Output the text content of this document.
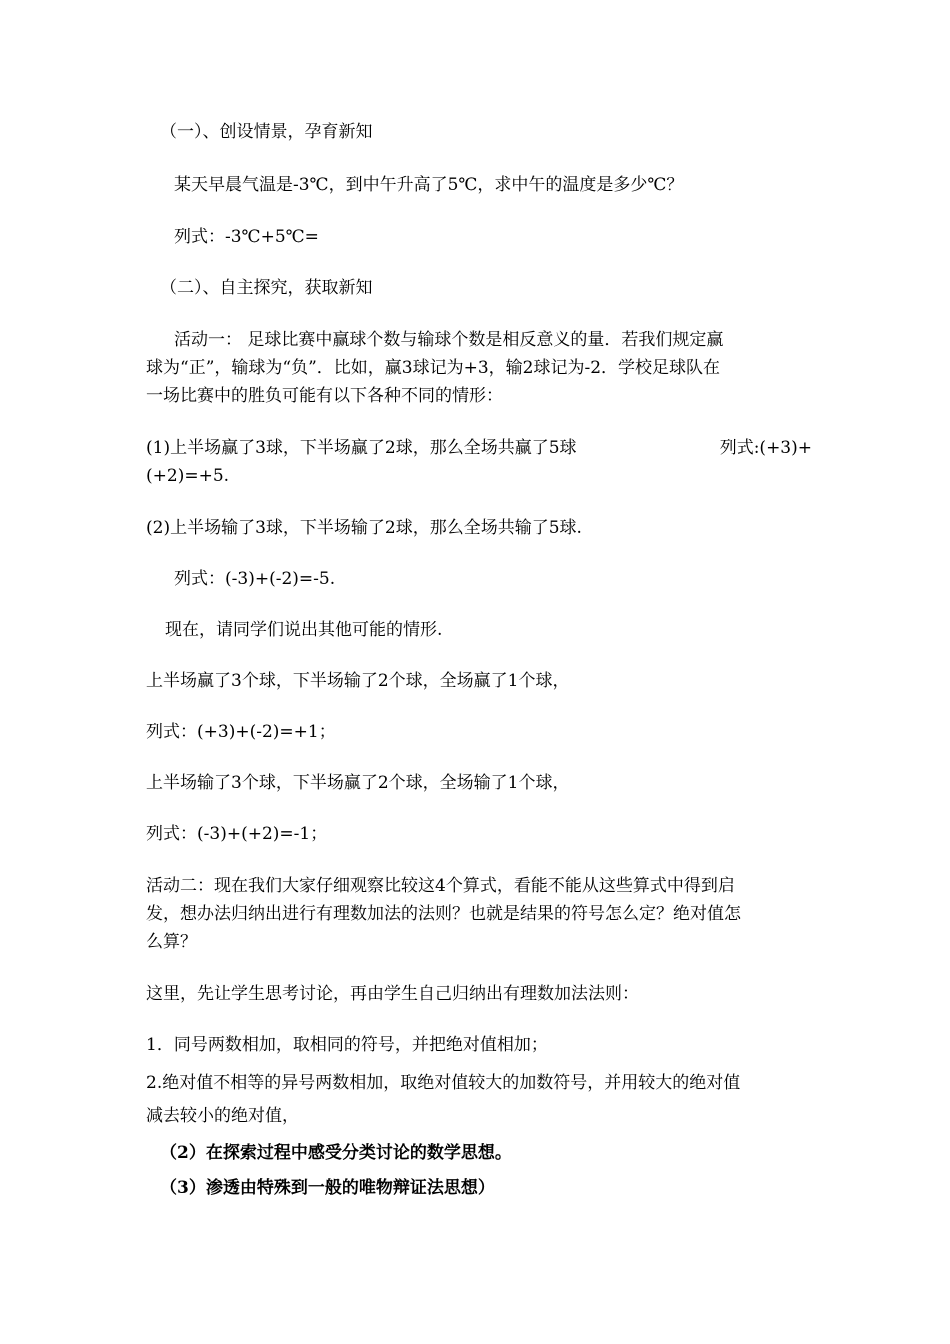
（一）、创设情景，孕育新知
某天早晨气温是-3℃，到中午升高了5℃，求中午的温度是多少℃？
列式：-3℃+5℃=
（二）、自主探究，获取新知
活动一： 足球比赛中赢球个数与输球个数是相反意义的量．若我们规定赢
球为“正”，输球为“负”．比如，赢3球记为+3，输2球记为-2．学校足球队在
一场比赛中的胜负可能有以下各种不同的情形：
(1)上半场赢了3球，下半场赢了2球，那么全场共赢了5球	列式:(+3)+
(+2)=+5.
(2)上半场输了3球，下半场输了2球，那么全场共输了5球.
列式：(-3)+(-2)=-5.
现在，请同学们说出其他可能的情形.
上半场赢了3个球，下半场输了2个球，全场赢了1个球，
列式：(+3)+(-2)=+1；
上半场输了3个球，下半场赢了2个球，全场输了1个球，
列式：(-3)+(+2)=-1；
活动二：现在我们大家仔细观察比较这4个算式，看能不能从这些算式中得到启
发，想办法归纳出进行有理数加法的法则？也就是结果的符号怎么定？绝对值怎
么算？
这里，先让学生思考讨论，再由学生自己归纳出有理数加法法则：
1．同号两数相加，取相同的符号，并把绝对值相加；
2.绝对值不相等的异号两数相加，取绝对值较大的加数符号，并用较大的绝对值
减去较小的绝对值，
（2）在探索过程中感受分类讨论的数学思想。
（3）渗透由特殊到一般的唯物辩证法思想）
